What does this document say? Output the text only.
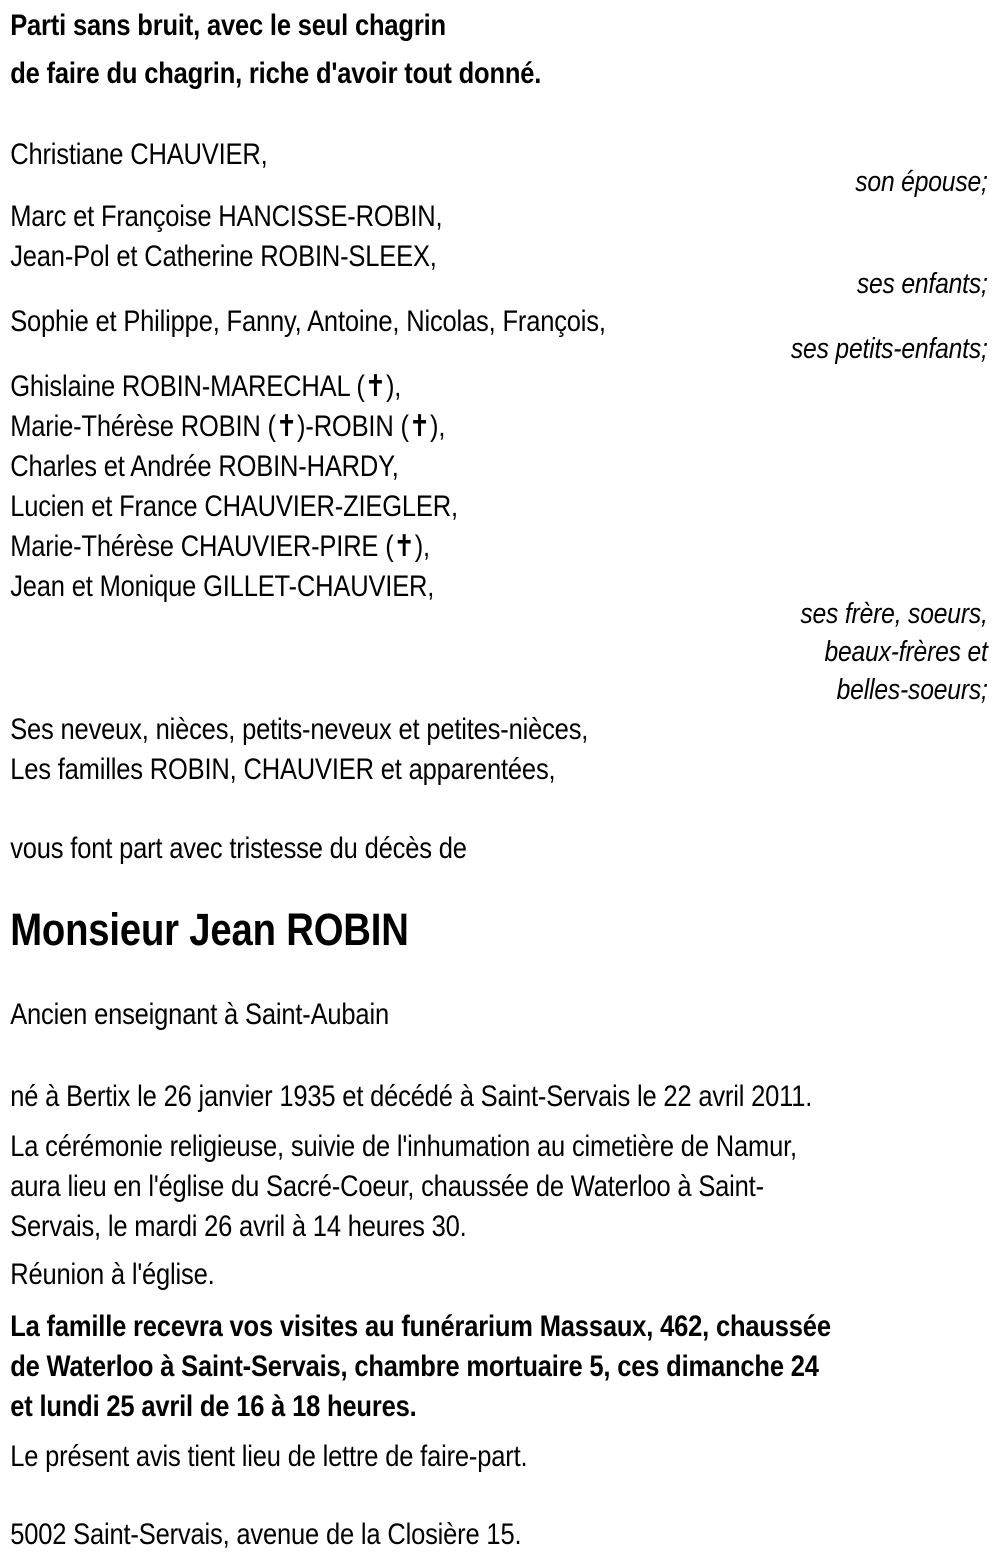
Parti sans bruit, avec le seul chagrin
de faire du chagrin, riche d'avoir tout donné.
Christiane CHAUVIER,
son épouse;
Marc et Françoise HANCISSE-ROBIN,
Jean-Pol et Catherine ROBIN-SLEEX,
ses enfants;
Sophie et Philippe, Fanny, Antoine, Nicolas, François,
ses petits-enfants;
Ghislaine ROBIN-MARECHAL (✝),
Marie-Thérèse ROBIN (✝)-ROBIN (✝),
Charles et Andrée ROBIN-HARDY,
Lucien et France CHAUVIER-ZIEGLER,
Marie-Thérèse CHAUVIER-PIRE (✝),
Jean et Monique GILLET-CHAUVIER,
ses frère, soeurs,
beaux-frères et
belles-soeurs;
Ses neveux, nièces, petits-neveux et petites-nièces,
Les familles ROBIN, CHAUVIER et apparentées,
vous font part avec tristesse du décès de
Monsieur Jean ROBIN
Ancien enseignant à Saint-Aubain
né à Bertix le 26 janvier 1935 et décédé à Saint-Servais le 22 avril 2011.
La cérémonie religieuse, suivie de l'inhumation au cimetière de Namur,
aura lieu en l'église du Sacré-Coeur, chaussée de Waterloo à Saint-
Servais, le mardi 26 avril à 14 heures 30.
Réunion à l'église.
La famille recevra vos visites au funérarium Massaux, 462, chaussée
de Waterloo à Saint-Servais, chambre mortuaire 5, ces dimanche 24
et lundi 25 avril de 16 à 18 heures.
Le présent avis tient lieu de lettre de faire-part.
5002 Saint-Servais, avenue de la Closière 15.
